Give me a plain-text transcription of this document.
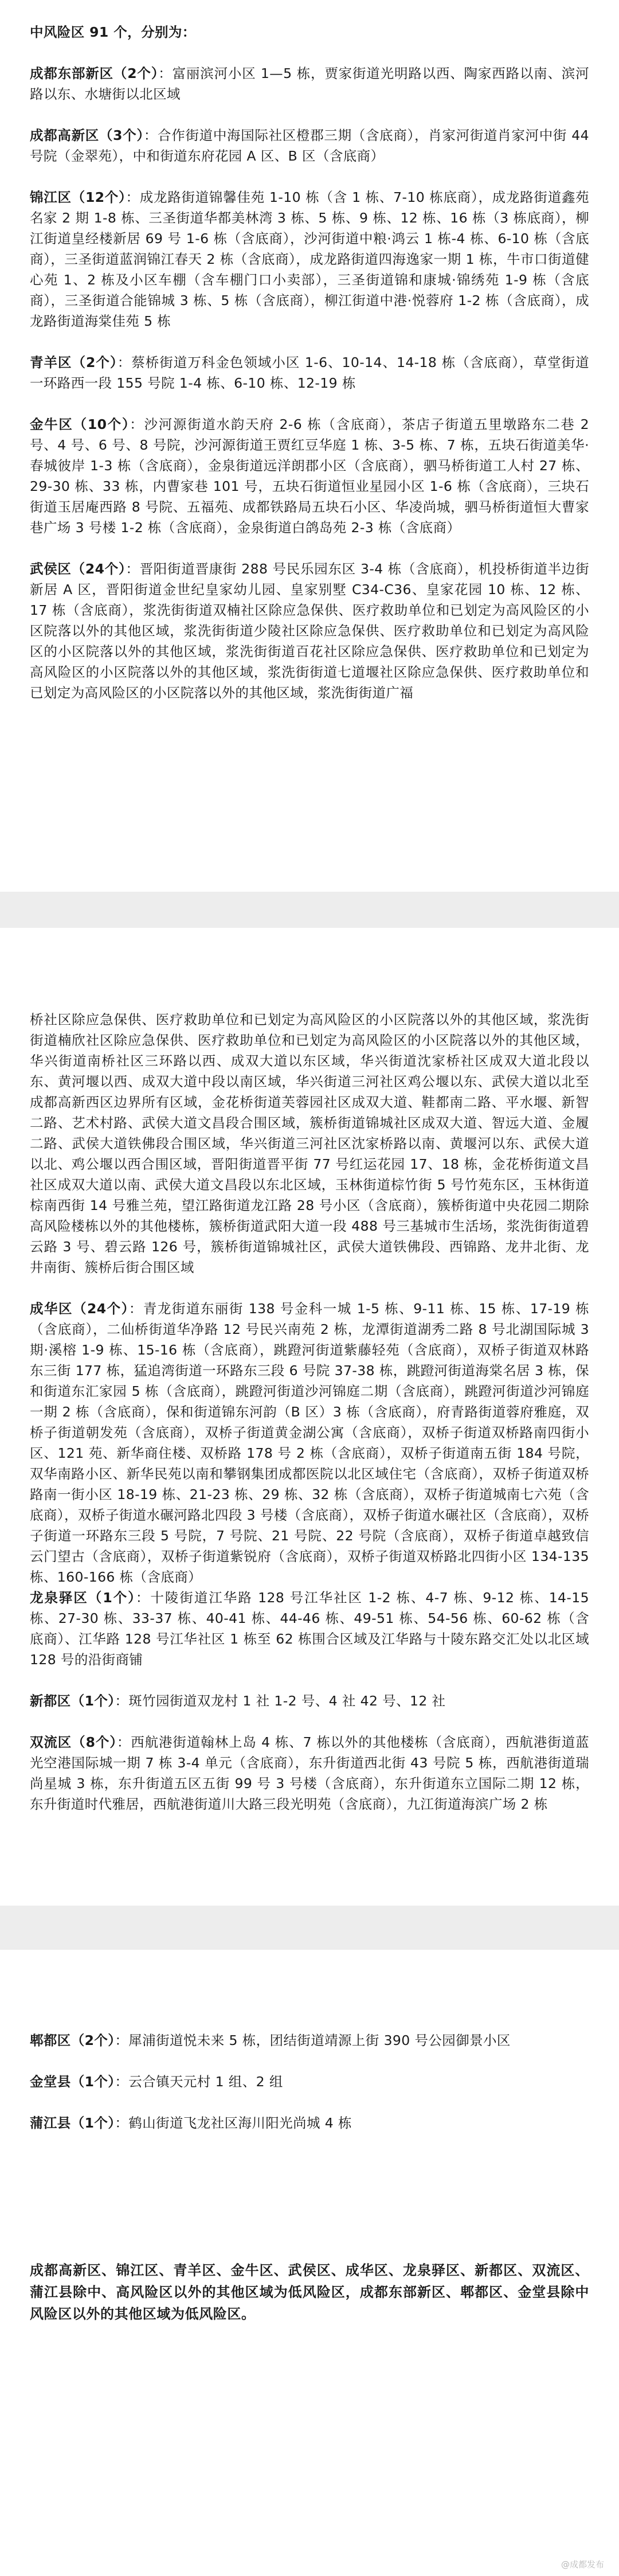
中风险区 91 个，分别为：

成都东部新区（2个）：富丽滨河小区 1—5 栋，贾家街道光明路以西、陶家西路以南、滨河路以东、水塘街以北区域

成都高新区（3个）：合作街道中海国际社区橙郡三期（含底商），肖家河街道肖家河中街 44 号院（金翠苑），中和街道东府花园 A 区、B 区（含底商）

锦江区（12个）：成龙路街道锦馨佳苑 1-10 栋（含 1 栋、7-10 栋底商），成龙路街道鑫苑名家 2 期 1-8 栋、三圣街道华都美林湾 3 栋、5 栋、9 栋、12 栋、16 栋（3 栋底商），柳江街道皇经楼新居 69 号 1-6 栋（含底商），沙河街道中粮·鸿云 1 栋-4 栋、6-10 栋（含底商），三圣街道蓝润锦江春天 2 栋（含底商），成龙路街道四海逸家一期 1 栋，牛市口街道健心苑 1、2 栋及小区车棚（含车棚门口小卖部），三圣街道锦和康城·锦绣苑 1-9 栋（含底商），三圣街道合能锦城 3 栋、5 栋（含底商），柳江街道中港·悦蓉府 1-2 栋（含底商），成龙路街道海棠佳苑 5 栋

青羊区（2个）：蔡桥街道万科金色领域小区 1-6、10-14、14-18 栋（含底商），草堂街道一环路西一段 155 号院 1-4 栋、6-10 栋、12-19 栋

金牛区（10个）：沙河源街道水韵天府 2-6 栋（含底商），茶店子街道五里墩路东二巷 2 号、4 号、6 号、8 号院，沙河源街道王贾红豆华庭 1 栋、3-5 栋、7 栋，五块石街道美华·春城彼岸 1-3 栋（含底商），金泉街道远洋朗郡小区（含底商），驷马桥街道工人村 27 栋、29-30 栋、33 栋，内曹家巷 101 号，五块石街道恒业星园小区 1-6 栋（含底商），三块石街道玉居庵西路 8 号院、五福苑、成都铁路局五块石小区、华凌尚城，驷马桥街道恒大曹家巷广场 3 号楼 1-2 栋（含底商），金泉街道白鸽岛苑 2-3 栋（含底商）

武侯区（24个）：晋阳街道晋康街 288 号民乐园东区 3-4 栋（含底商），机投桥街道半边街新居 A 区，晋阳街道金世纪皇家幼儿园、皇家别墅 C34-C36、皇家花园 10 栋、12 栋、17 栋（含底商），浆洗街街道双楠社区除应急保供、医疗救助单位和已划定为高风险区的小区院落以外的其他区域，浆洗街街道少陵社区除应急保供、医疗救助单位和已划定为高风险区的小区院落以外的其他区域，浆洗街街道百花社区除应急保供、医疗救助单位和已划定为高风险区的小区院落以外的其他区域，浆洗街街道七道堰社区除应急保供、医疗救助单位和已划定为高风险区的小区院落以外的其他区域，浆洗街街道广福

桥社区除应急保供、医疗救助单位和已划定为高风险区的小区院落以外的其他区域，浆洗街街道楠欣社区除应急保供、医疗救助单位和已划定为高风险区的小区院落以外的其他区域，华兴街道南桥社区三环路以西、成双大道以东区域，华兴街道沈家桥社区成双大道北段以东、黄河堰以西、成双大道中段以南区域，华兴街道三河社区鸡公堰以东、武侯大道以北至成都高新西区边界所有区域，金花桥街道芙蓉园社区成双大道、鞋都南二路、平水堰、新智二路、艺术村路、武侯大道文昌段合围区域，簇桥街道锦城社区成双大道、智远大道、金履二路、武侯大道铁佛段合围区域，华兴街道三河社区沈家桥路以南、黄堰河以东、武侯大道以北、鸡公堰以西合围区域，晋阳街道晋平街 77 号红运花园 17、18 栋，金花桥街道文昌社区成双大道以南、武侯大道文昌段以东北区域，玉林街道棕竹街 5 号竹苑东区，玉林街道棕南西街 14 号雅兰苑，望江路街道龙江路 28 号小区（含底商），簇桥街道中央花园二期除高风险楼栋以外的其他楼栋，簇桥街道武阳大道一段 488 号三基城市生活场，浆洗街街道碧云路 3 号、碧云路 126 号，簇桥街道锦城社区，武侯大道铁佛段、西锦路、龙井北街、龙井南街、簇桥后街合围区域

成华区（24个）：青龙街道东丽街 138 号金科一城 1-5 栋、9-11 栋、15 栋、17-19 栋（含底商），二仙桥街道华净路 12 号民兴南苑 2 栋，龙潭街道湖秀二路 8 号北湖国际城 3 期·溪榕 1-9 栋、15-16 栋（含底商），跳蹬河街道紫藤轻苑（含底商），双桥子街道双林路东三街 177 栋，猛追湾街道一环路东三段 6 号院 37-38 栋，跳蹬河街道海棠名居 3 栋，保和街道东汇家园 5 栋（含底商），跳蹬河街道沙河锦庭二期（含底商），跳蹬河街道沙河锦庭一期 2 栋（含底商），保和街道锦东河韵（B 区）3 栋（含底商），府青路街道蓉府雅庭，双桥子街道朝发苑（含底商），双桥子街道黄金湖公寓（含底商），双桥子街道双桥路南四街小区、121 苑、新华商住楼、双桥路 178 号 2 栋（含底商），双桥子街道南五街 184 号院，双华南路小区、新华民苑以南和攀钢集团成都医院以北区域住宅（含底商），双桥子街道双桥路南一街小区 18-19 栋、21-23 栋、29 栋、32 栋（含底商），双桥子街道城南七六苑（含底商），双桥子街道水碾河路北四段 3 号楼（含底商），双桥子街道水碾社区（含底商），双桥子街道一环路东三段 5 号院，7 号院、21 号院、22 号院（含底商），双桥子街道卓越致信云门望古（含底商），双桥子街道紫锐府（含底商），双桥子街道双桥路北四街小区 134-135 栋、160-166 栋（含底商）

龙泉驿区（1个）：十陵街道江华路 128 号江华社区 1-2 栋、4-7 栋、9-12 栋、14-15 栋、27-30 栋、33-37 栋、40-41 栋、44-46 栋、49-51 栋、54-56 栋、60-62 栋（含底商）、江华路 128 号江华社区 1 栋至 62 栋围合区域及江华路与十陵东路交汇处以北区域 128 号的沿街商铺

新都区（1个）：斑竹园街道双龙村 1 社 1-2 号、4 社 42 号、12 社

双流区（8个）：西航港街道翰林上岛 4 栋、7 栋以外的其他楼栋（含底商），西航港街道蓝光空港国际城一期 7 栋 3-4 单元（含底商），东升街道西北街 43 号院 5 栋，西航港街道瑞尚星城 3 栋，东升街道五区五街 99 号 3 号楼（含底商），东升街道东立国际二期 12 栋，东升街道时代雅居，西航港街道川大路三段光明苑（含底商），九江街道海滨广场 2 栋

郫都区（2个）：犀浦街道悦未来 5 栋，团结街道靖源上街 390 号公园御景小区

金堂县（1个）：云合镇天元村 1 组、2 组

蒲江县（1个）：鹤山街道飞龙社区海川阳光尚城 4 栋

成都高新区、锦江区、青羊区、金牛区、武侯区、成华区、龙泉驿区、新都区、双流区、蒲江县除中、高风险区以外的其他区域为低风险区，成都东部新区、郫都区、金堂县除中风险区以外的其他区域为低风险区。
@成都发布
